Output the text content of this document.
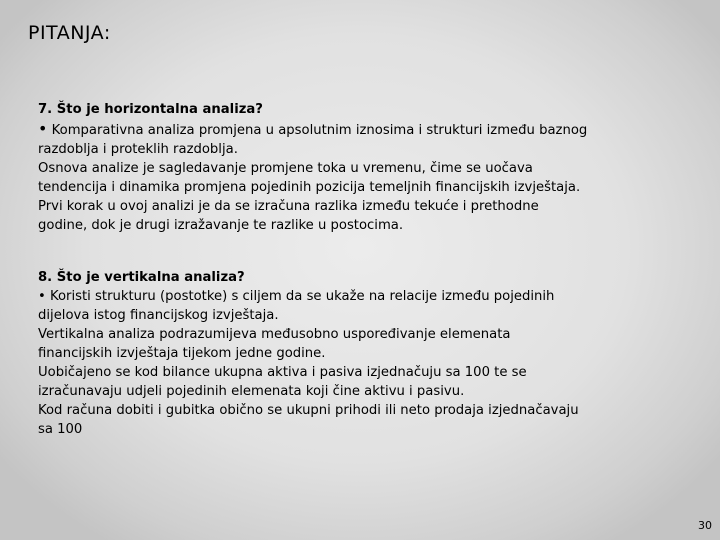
PITANJA:

7. Što je horizontalna analiza?

• Komparativna analiza promjena u apsolutnim iznosima i strukturi između baznog

razdoblja i proteklih razdoblja.

Osnova analize je sagledavanje promjene toka u vremenu, čime se uočava

tendencija i dinamika promjena pojedinih pozicija temeljnih financijskih izvještaja.

Prvi korak u ovoj analizi je da se izračuna razlika između tekuće i prethodne

godine, dok je drugi izražavanje te razlike u postocima.

8. Što je vertikalna analiza?

• Koristi strukturu (postotke) s ciljem da se ukaže na relacije između pojedinih

dijelova istog financijskog izvještaja.

Vertikalna analiza podrazumijeva međusobno uspoređivanje elemenata

financijskih izvještaja tijekom jedne godine.

Uobičajeno se kod bilance ukupna aktiva i pasiva izjednačuju sa 100 te se

izračunavaju udjeli pojedinih elemenata koji čine aktivu i pasivu.

Kod računa dobiti i gubitka obično se ukupni prihodi ili neto prodaja izjednačavaju

sa 100

30
